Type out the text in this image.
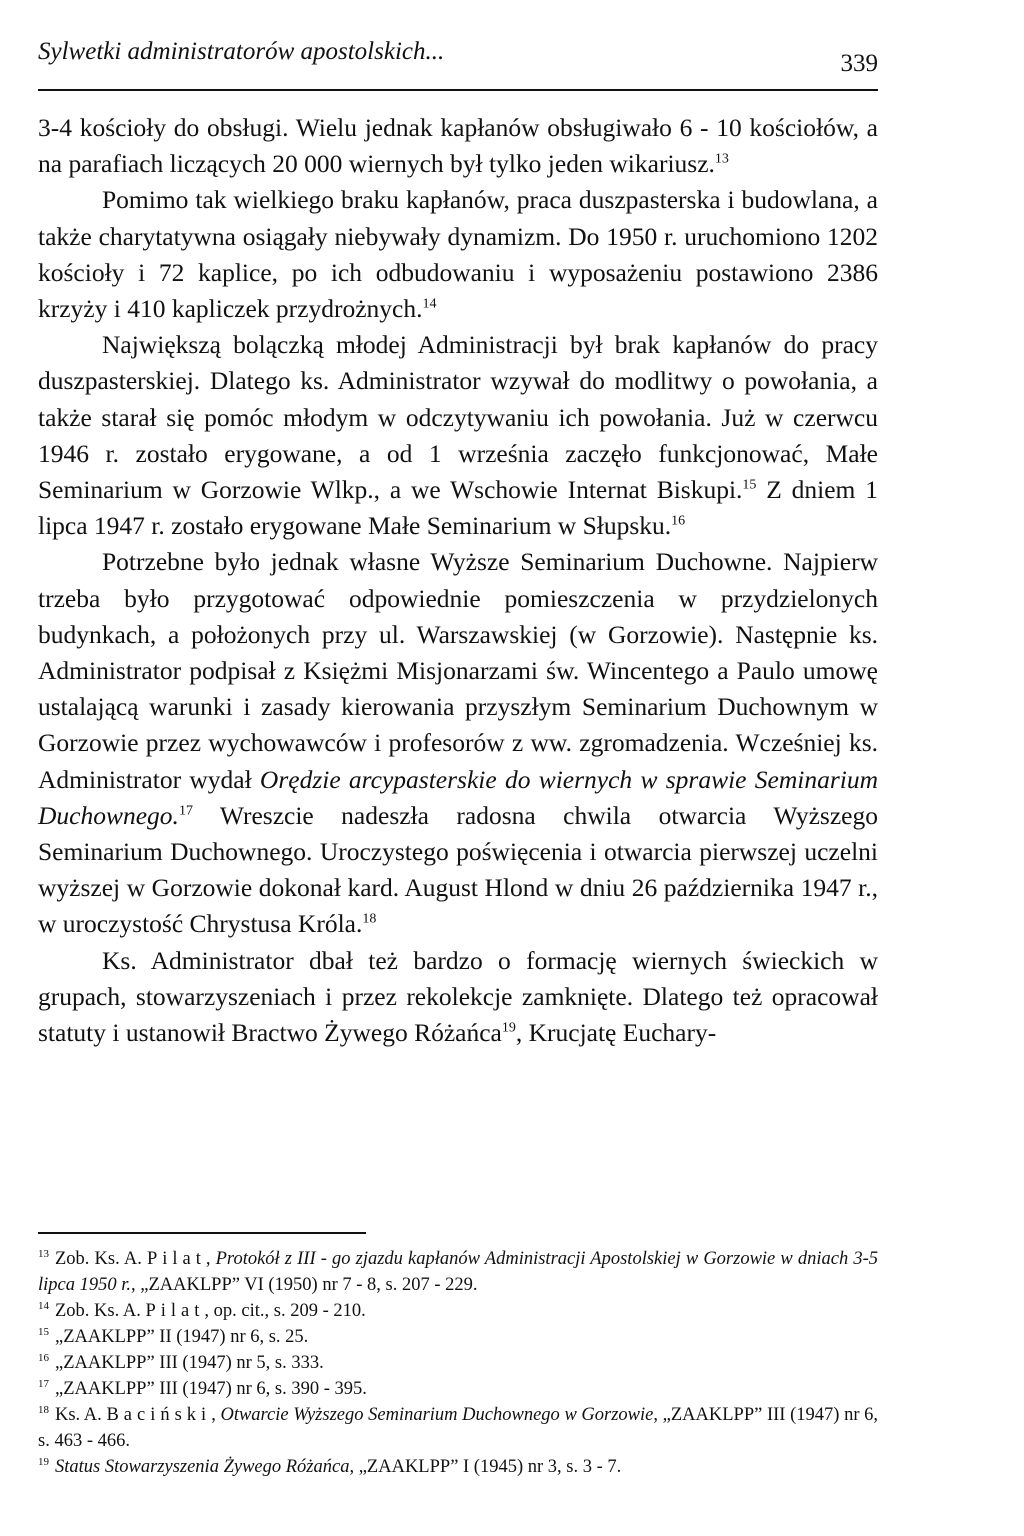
Sylwetki administratorów apostolskich...	339

3-4 kościoły do obsługi. Wielu jednak kapłanów obsługiwało 6 - 10 kościołów, a na parafiach liczących 20 000 wiernych był tylko jeden wikariusz.$^{13}$

Pomimo tak wielkiego braku kapłanów, praca duszpasterska i budowlana, a także charytatywna osiągały niebywały dynamizm. Do 1950 r. uruchomiono 1202 kościoły i 72 kaplice, po ich odbudowaniu i wyposażeniu postawiono 2386 krzyży i 410 kapliczek przydrożnych.$^{14}$

Największą bolączką młodej Administracji był brak kapłanów do pracy duszpasterskiej. Dlatego ks. Administrator wzywał do modlitwy o powołania, a także starał się pomóc młodym w odczytywaniu ich powołania. Już w czerwcu 1946 r. zostało erygowane, a od 1 września zaczęło funkcjonować, Małe Seminarium w Gorzowie Wlkp., a we Wschowie Internat Biskupi.$^{15}$ Z dniem 1 lipca 1947 r. zostało erygowane Małe Seminarium w Słupsku.$^{16}$

Potrzebne było jednak własne Wyższe Seminarium Duchowne. Najpierw trzeba było przygotować odpowiednie pomieszczenia w przydzielonych budynkach, a położonych przy ul. Warszawskiej (w Gorzowie). Następnie ks. Administrator podpisał z Księżmi Misjonarzami św. Wincentego a Paulo umowę ustalającą warunki i zasady kierowania przyszłym Seminarium Duchownym w Gorzowie przez wychowawców i profesorów z ww. zgromadzenia. Wcześniej ks. Administrator wydał Orędzie arcypasterskie do wiernych w sprawie Seminarium Duchownego.$^{17}$ Wreszcie nadeszła radosna chwila otwarcia Wyższego Seminarium Duchownego. Uroczystego poświęcenia i otwarcia pierwszej uczelni wyższej w Gorzowie dokonał kard. August Hlond w dniu 26 października 1947 r., w uroczystość Chrystusa Króla.$^{18}$

Ks. Administrator dbał też bardzo o formację wiernych świeckich w grupach, stowarzyszeniach i przez rekolekcje zamknięte. Dlatego też opracował statuty i ustanowił Bractwo Żywego Różańca$^{19}$, Krucjatę Euchary-

$^{13}$ Zob. Ks. A. Pilat, Protokół z III - go zjazdu kapłanów Administracji Apostolskiej w Gorzowie w dniach 3-5 lipca 1950 r., „ZAAKLPP” VI (1950) nr 7 - 8, s. 207 - 229.

$^{14}$ Zob. Ks. A. Pilat, op. cit., s. 209 - 210.

$^{15}$ „ZAAKLPP” II (1947) nr 6, s. 25.

$^{16}$ „ZAAKLPP” III (1947) nr 5, s. 333.

$^{17}$ „ZAAKLPP” III (1947) nr 6, s. 390 - 395.

$^{18}$ Ks. A. Baciński, Otwarcie Wyższego Seminarium Duchownego w Gorzowie, „ZAAKLPP” III (1947) nr 6, s. 463 - 466.

$^{19}$ Status Stowarzyszenia Żywego Różańca, „ZAAKLPP” I (1945) nr 3, s. 3 - 7.
